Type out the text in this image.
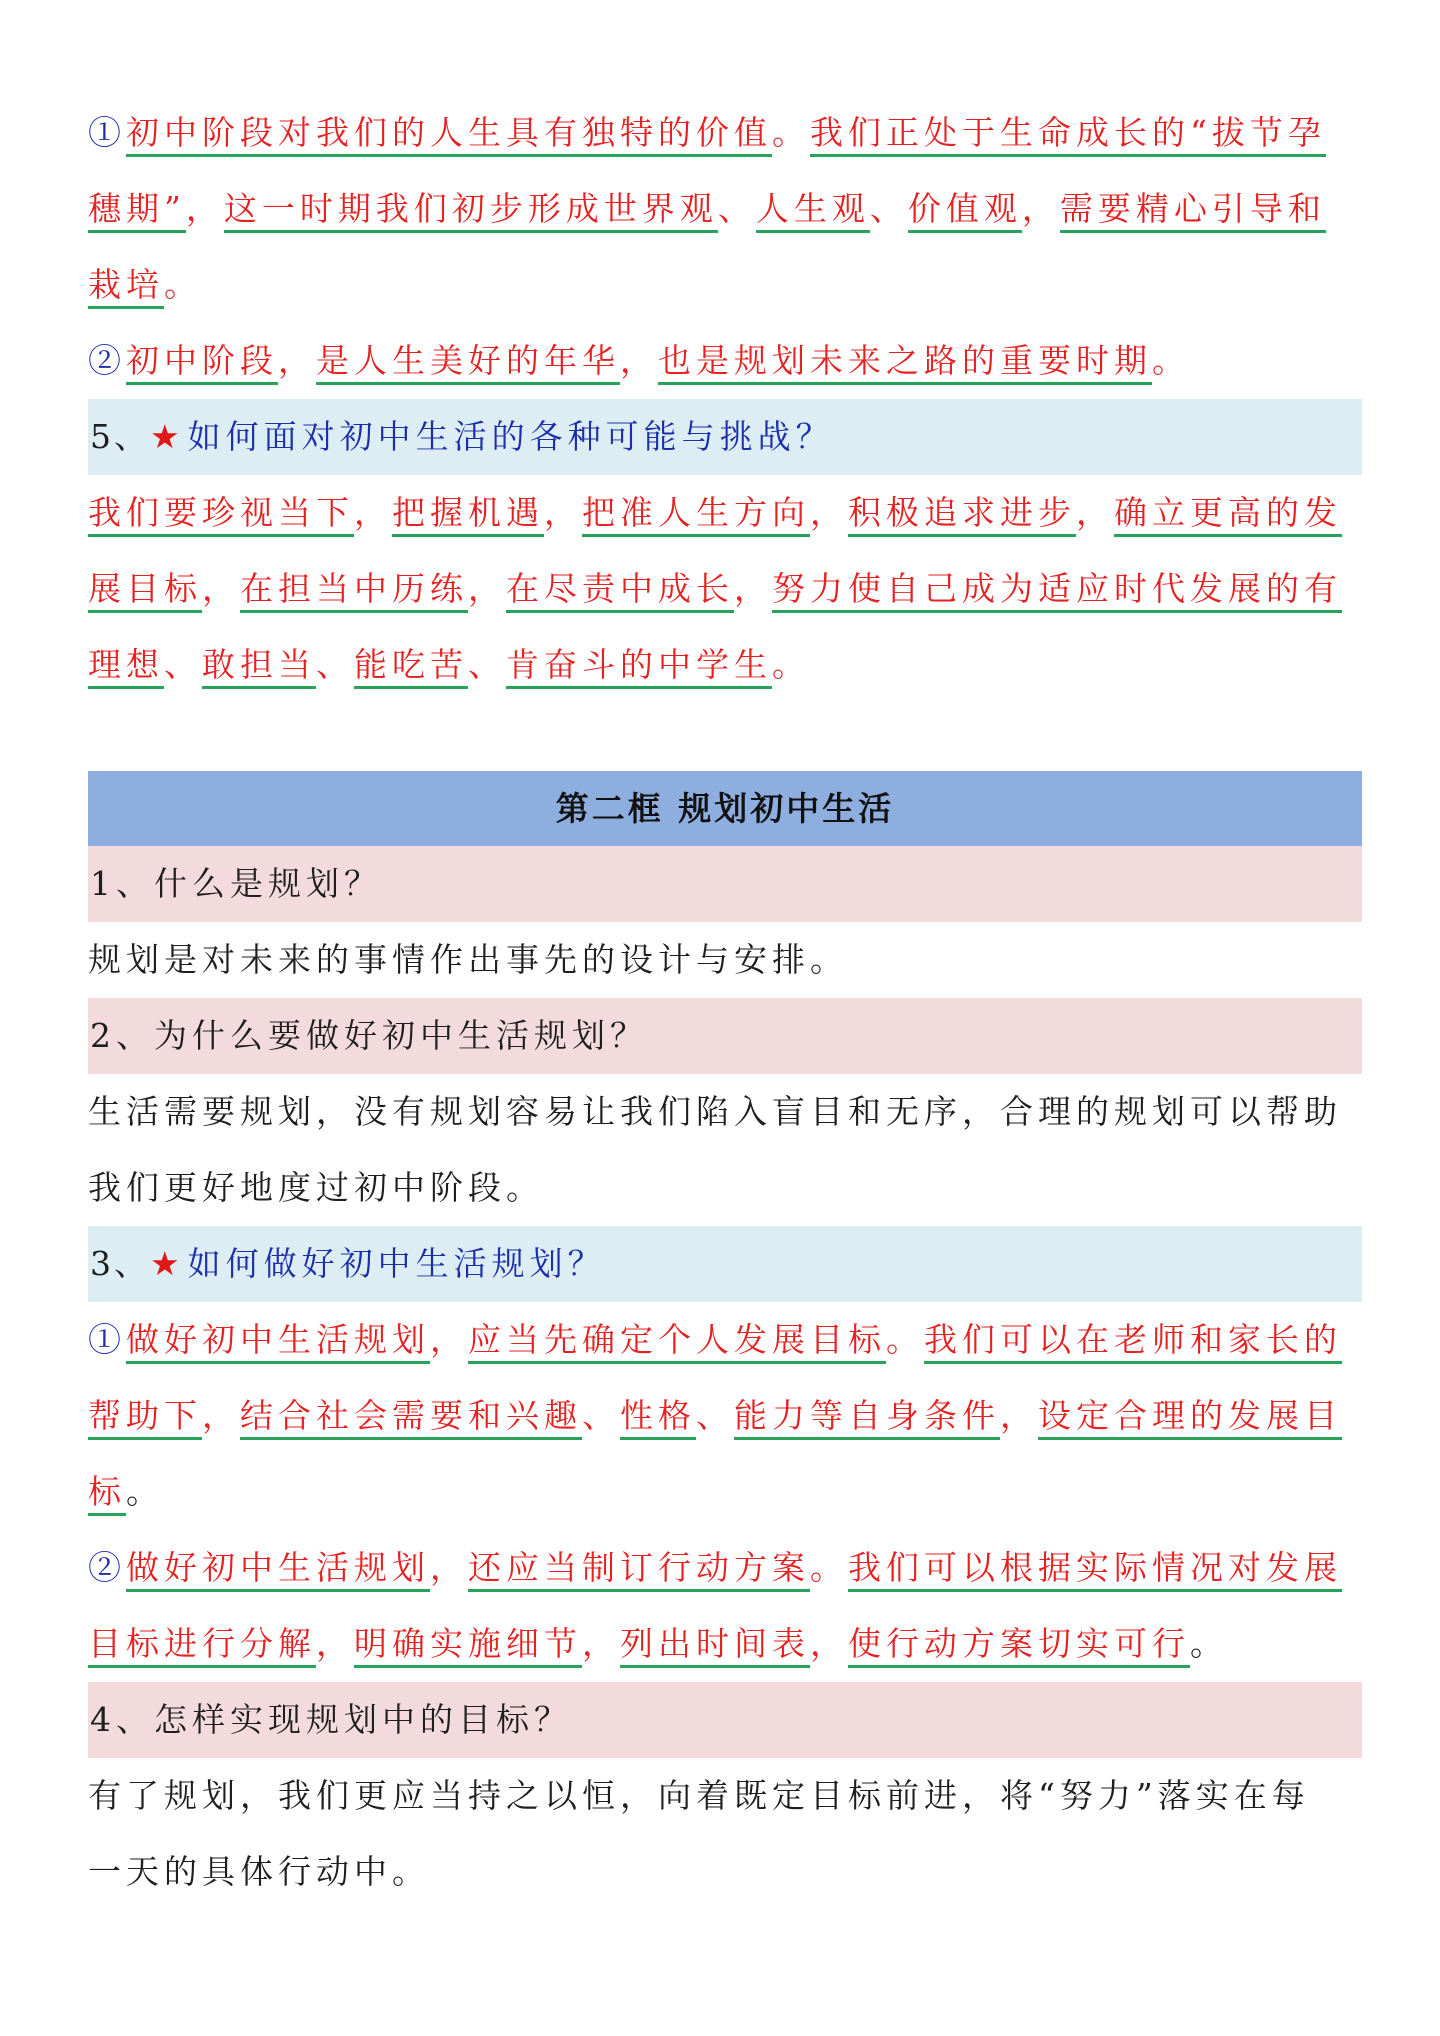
①初中阶段对我们的人生具有独特的价值。我们正处于生命成长的“拔节孕
穗期”，这一时期我们初步形成世界观、人生观、价值观，需要精心引导和
栽培。
②初中阶段，是人生美好的年华，也是规划未来之路的重要时期。
5、★ 如何面对初中生活的各种可能与挑战？
我们要珍视当下，把握机遇，把准人生方向，积极追求进步，确立更高的发
展目标，在担当中历练，在尽责中成长，努力使自己成为适应时代发展的有
理想、敢担当、能吃苦、肯奋斗的中学生。
第二框 规划初中生活
1、什么是规划？
规划是对未来的事情作出事先的设计与安排。
2、为什么要做好初中生活规划？
生活需要规划，没有规划容易让我们陷入盲目和无序，合理的规划可以帮助
我们更好地度过初中阶段。
3、★ 如何做好初中生活规划？
①做好初中生活规划，应当先确定个人发展目标。我们可以在老师和家长的
帮助下，结合社会需要和兴趣、性格、能力等自身条件，设定合理的发展目
标。
②做好初中生活规划，还应当制订行动方案。我们可以根据实际情况对发展
目标进行分解，明确实施细节，列出时间表，使行动方案切实可行。
4、怎样实现规划中的目标？
有了规划，我们更应当持之以恒，向着既定目标前进，将“努力”落实在每
一天的具体行动中。
